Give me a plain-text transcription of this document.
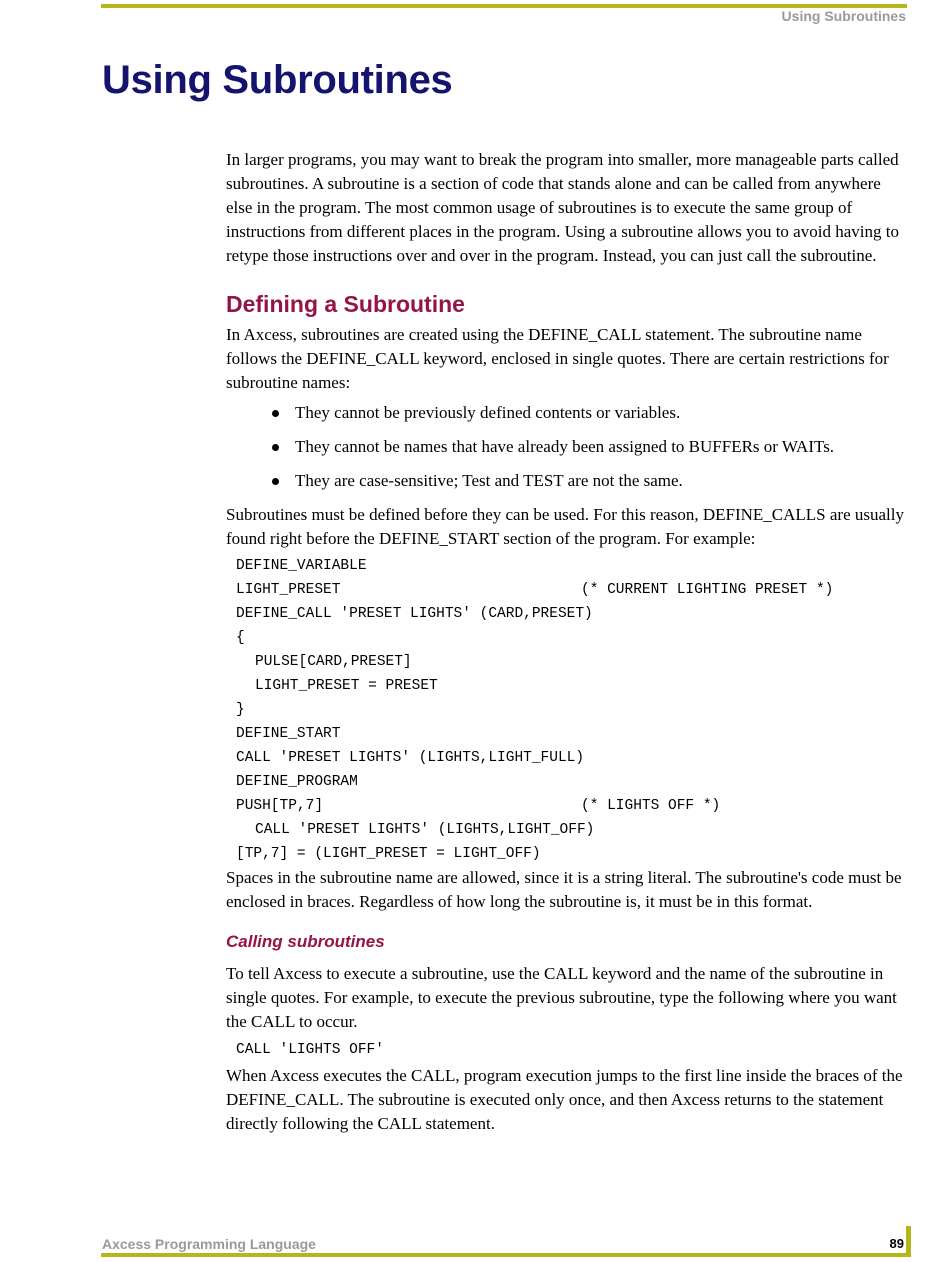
Using Subroutines
Using Subroutines

In larger programs, you may want to break the program into smaller, more manageable parts called subroutines. A subroutine is a section of code that stands alone and can be called from anywhere else in the program. The most common usage of subroutines is to execute the same group of instructions from different places in the program. Using a subroutine allows you to avoid having to retype those instructions over and over in the program. Instead, you can just call the subroutine.

Defining a Subroutine

In Axcess, subroutines are created using the DEFINE_CALL statement. The subroutine name follows the DEFINE_CALL keyword, enclosed in single quotes. There are certain restrictions for subroutine names:

They cannot be previously defined contents or variables.
They cannot be names that have already been assigned to BUFFERs or WAITs.
They are case-sensitive; Test and TEST are not the same.

Subroutines must be defined before they can be used. For this reason, DEFINE_CALLS are usually found right before the DEFINE_START section of the program. For example:

DEFINE_VARIABLE
LIGHT_PRESET	(* CURRENT LIGHTING PRESET *)
DEFINE_CALL 'PRESET LIGHTS' (CARD,PRESET)
{
PULSE[CARD,PRESET]
LIGHT_PRESET = PRESET
}
DEFINE_START
CALL 'PRESET LIGHTS' (LIGHTS,LIGHT_FULL)
DEFINE_PROGRAM
PUSH[TP,7]	(* LIGHTS OFF *)
CALL 'PRESET LIGHTS' (LIGHTS,LIGHT_OFF)
[TP,7] = (LIGHT_PRESET = LIGHT_OFF)

Spaces in the subroutine name are allowed, since it is a string literal. The subroutine's code must be enclosed in braces. Regardless of how long the subroutine is, it must be in this format.

Calling subroutines

To tell Axcess to execute a subroutine, use the CALL keyword and the name of the subroutine in single quotes. For example, to execute the previous subroutine, type the following where you want the CALL to occur.

CALL 'LIGHTS OFF'

When Axcess executes the CALL, program execution jumps to the first line inside the braces of the DEFINE_CALL. The subroutine is executed only once, and then Axcess returns to the statement directly following the CALL statement.

Axcess Programming Language	89
